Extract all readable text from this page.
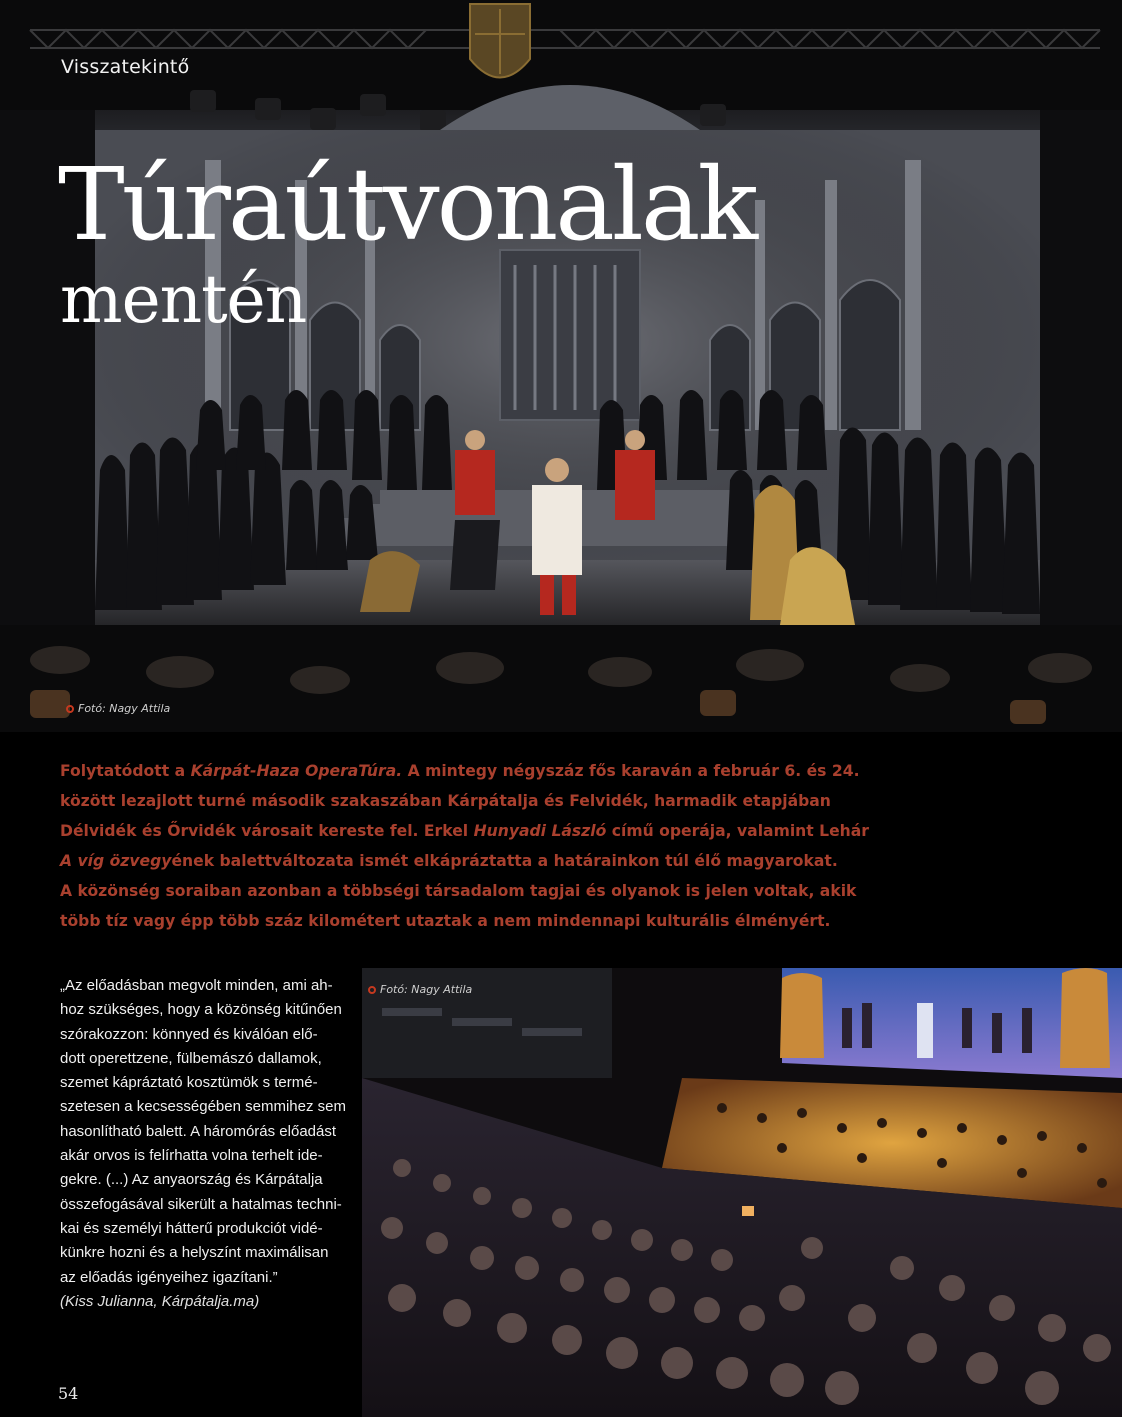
Visszatekintő
Túraútvonalak
mentén
Fotó: Nagy Attila
Folytatódott a Kárpát-Haza OperaTúra. A mintegy négyszáz fős karaván a február 6. és 24.
között lezajlott turné második szakaszában Kárpátalja és Felvidék, harmadik etapjában
Délvidék és Őrvidék városait kereste fel. Erkel Hunyadi László című operája, valamint Lehár
A víg özvegyének balettváltozata ismét elkápráztatta a határainkon túl élő magyarokat.
A közönség soraiban azonban a többségi társadalom tagjai és olyanok is jelen voltak, akik
több tíz vagy épp több száz kilométert utaztak a nem mindennapi kulturális élményért.
„Az előadásban megvolt minden, ami ah-
hoz szükséges, hogy a közönség kitűnően
szórakozzon: könnyed és kiválóan elő-
dott operettzene, fülbemászó dallamok,
szemet kápráztató kosztümök s termé-
szetesen a kecsességében semmihez sem
hasonlítható balett. A háromórás előadást
akár orvos is felírhatta volna terhelt ide-
gekre. (...) Az anyaország és Kárpátalja
összefogásával sikerült a hatalmas techni-
kai és személyi hátterű produkciót vidé-
künkre hozni és a helyszínt maximálisan
az előadás igényeihez igazítani.”
(Kiss Julianna, Kárpátalja.ma)
54
Fotó: Nagy Attila
